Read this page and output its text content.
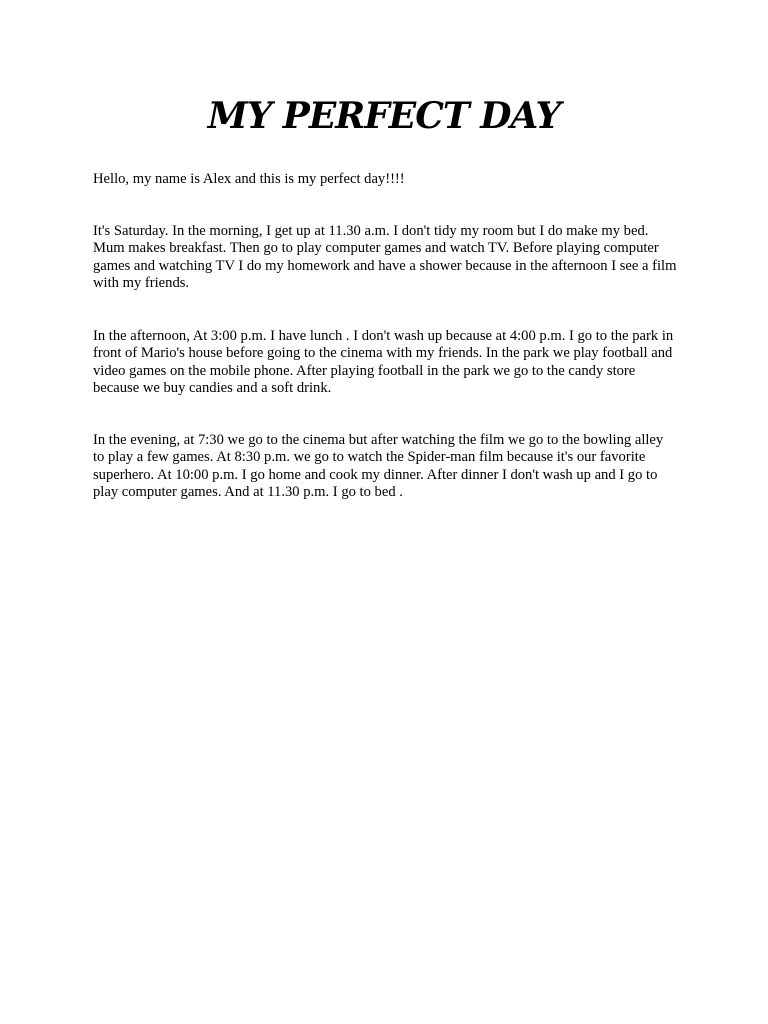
MY PERFECT DAY

Hello, my name is Alex and this is my perfect day!!!!

It's Saturday. In the morning, I get up at 11.30 a.m. I don't tidy my room but I do make my bed. Mum makes breakfast. Then go to play computer games and watch TV. Before playing computer games and watching TV I do my homework and have a shower because in the afternoon I see a film with my friends.

In the afternoon, At 3:00 p.m. I have lunch . I don't wash up because at 4:00 p.m. I go to the park in front of Mario's house before going to the cinema with my friends. In the park we play football and video games on the mobile phone. After playing football in the park we go to the candy store because we buy candies and a soft drink.

In the evening, at 7:30 we go to the cinema but after watching the film we go to the bowling alley to play a few games. At 8:30 p.m. we go to watch the Spider-man film because it's our favorite superhero. At 10:00 p.m. I go home and cook my dinner. After dinner I don't wash up and I go to play computer games. And at 11.30 p.m. I go to bed .
